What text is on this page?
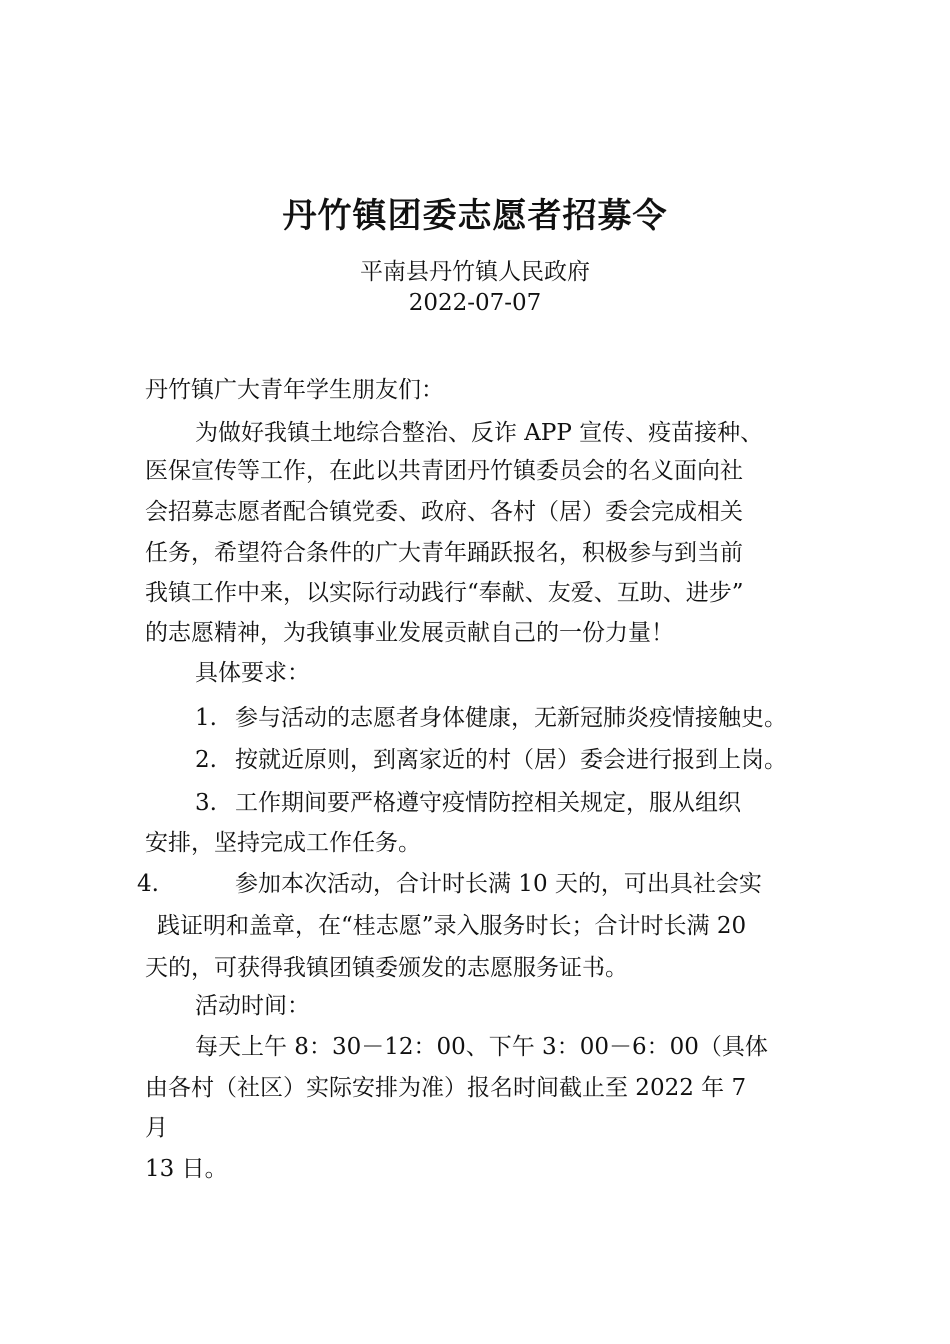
丹竹镇团委志愿者招募令
平南县丹竹镇人民政府
2022-07-07
丹竹镇广大青年学生朋友们：
为做好我镇土地综合整治、反诈 APP 宣传、疫苗接种、
医保宣传等工作，在此以共青团丹竹镇委员会的名义面向社
会招募志愿者配合镇党委、政府、各村（居）委会完成相关
任务，希望符合条件的广大青年踊跃报名，积极参与到当前
我镇工作中来，以实际行动践行“奉献、友爱、互助、进步”
的志愿精神，为我镇事业发展贡献自己的一份力量！
具体要求：
1. 参与活动的志愿者身体健康，无新冠肺炎疫情接触史。
2. 按就近原则，到离家近的村（居）委会进行报到上岗。
3. 工作期间要严格遵守疫情防控相关规定，服从组织
安排，坚持完成工作任务。
4.	参加本次活动，合计时长满 10 天的，可出具社会实
践证明和盖章，在“桂志愿”录入服务时长；合计时长满 20
天的，可获得我镇团镇委颁发的志愿服务证书。
活动时间：
每天上午 8：30－12：00、下午 3：00－6：00（具体
由各村（社区）实际安排为准）报名时间截止至 2022 年 7
月
13 日。
